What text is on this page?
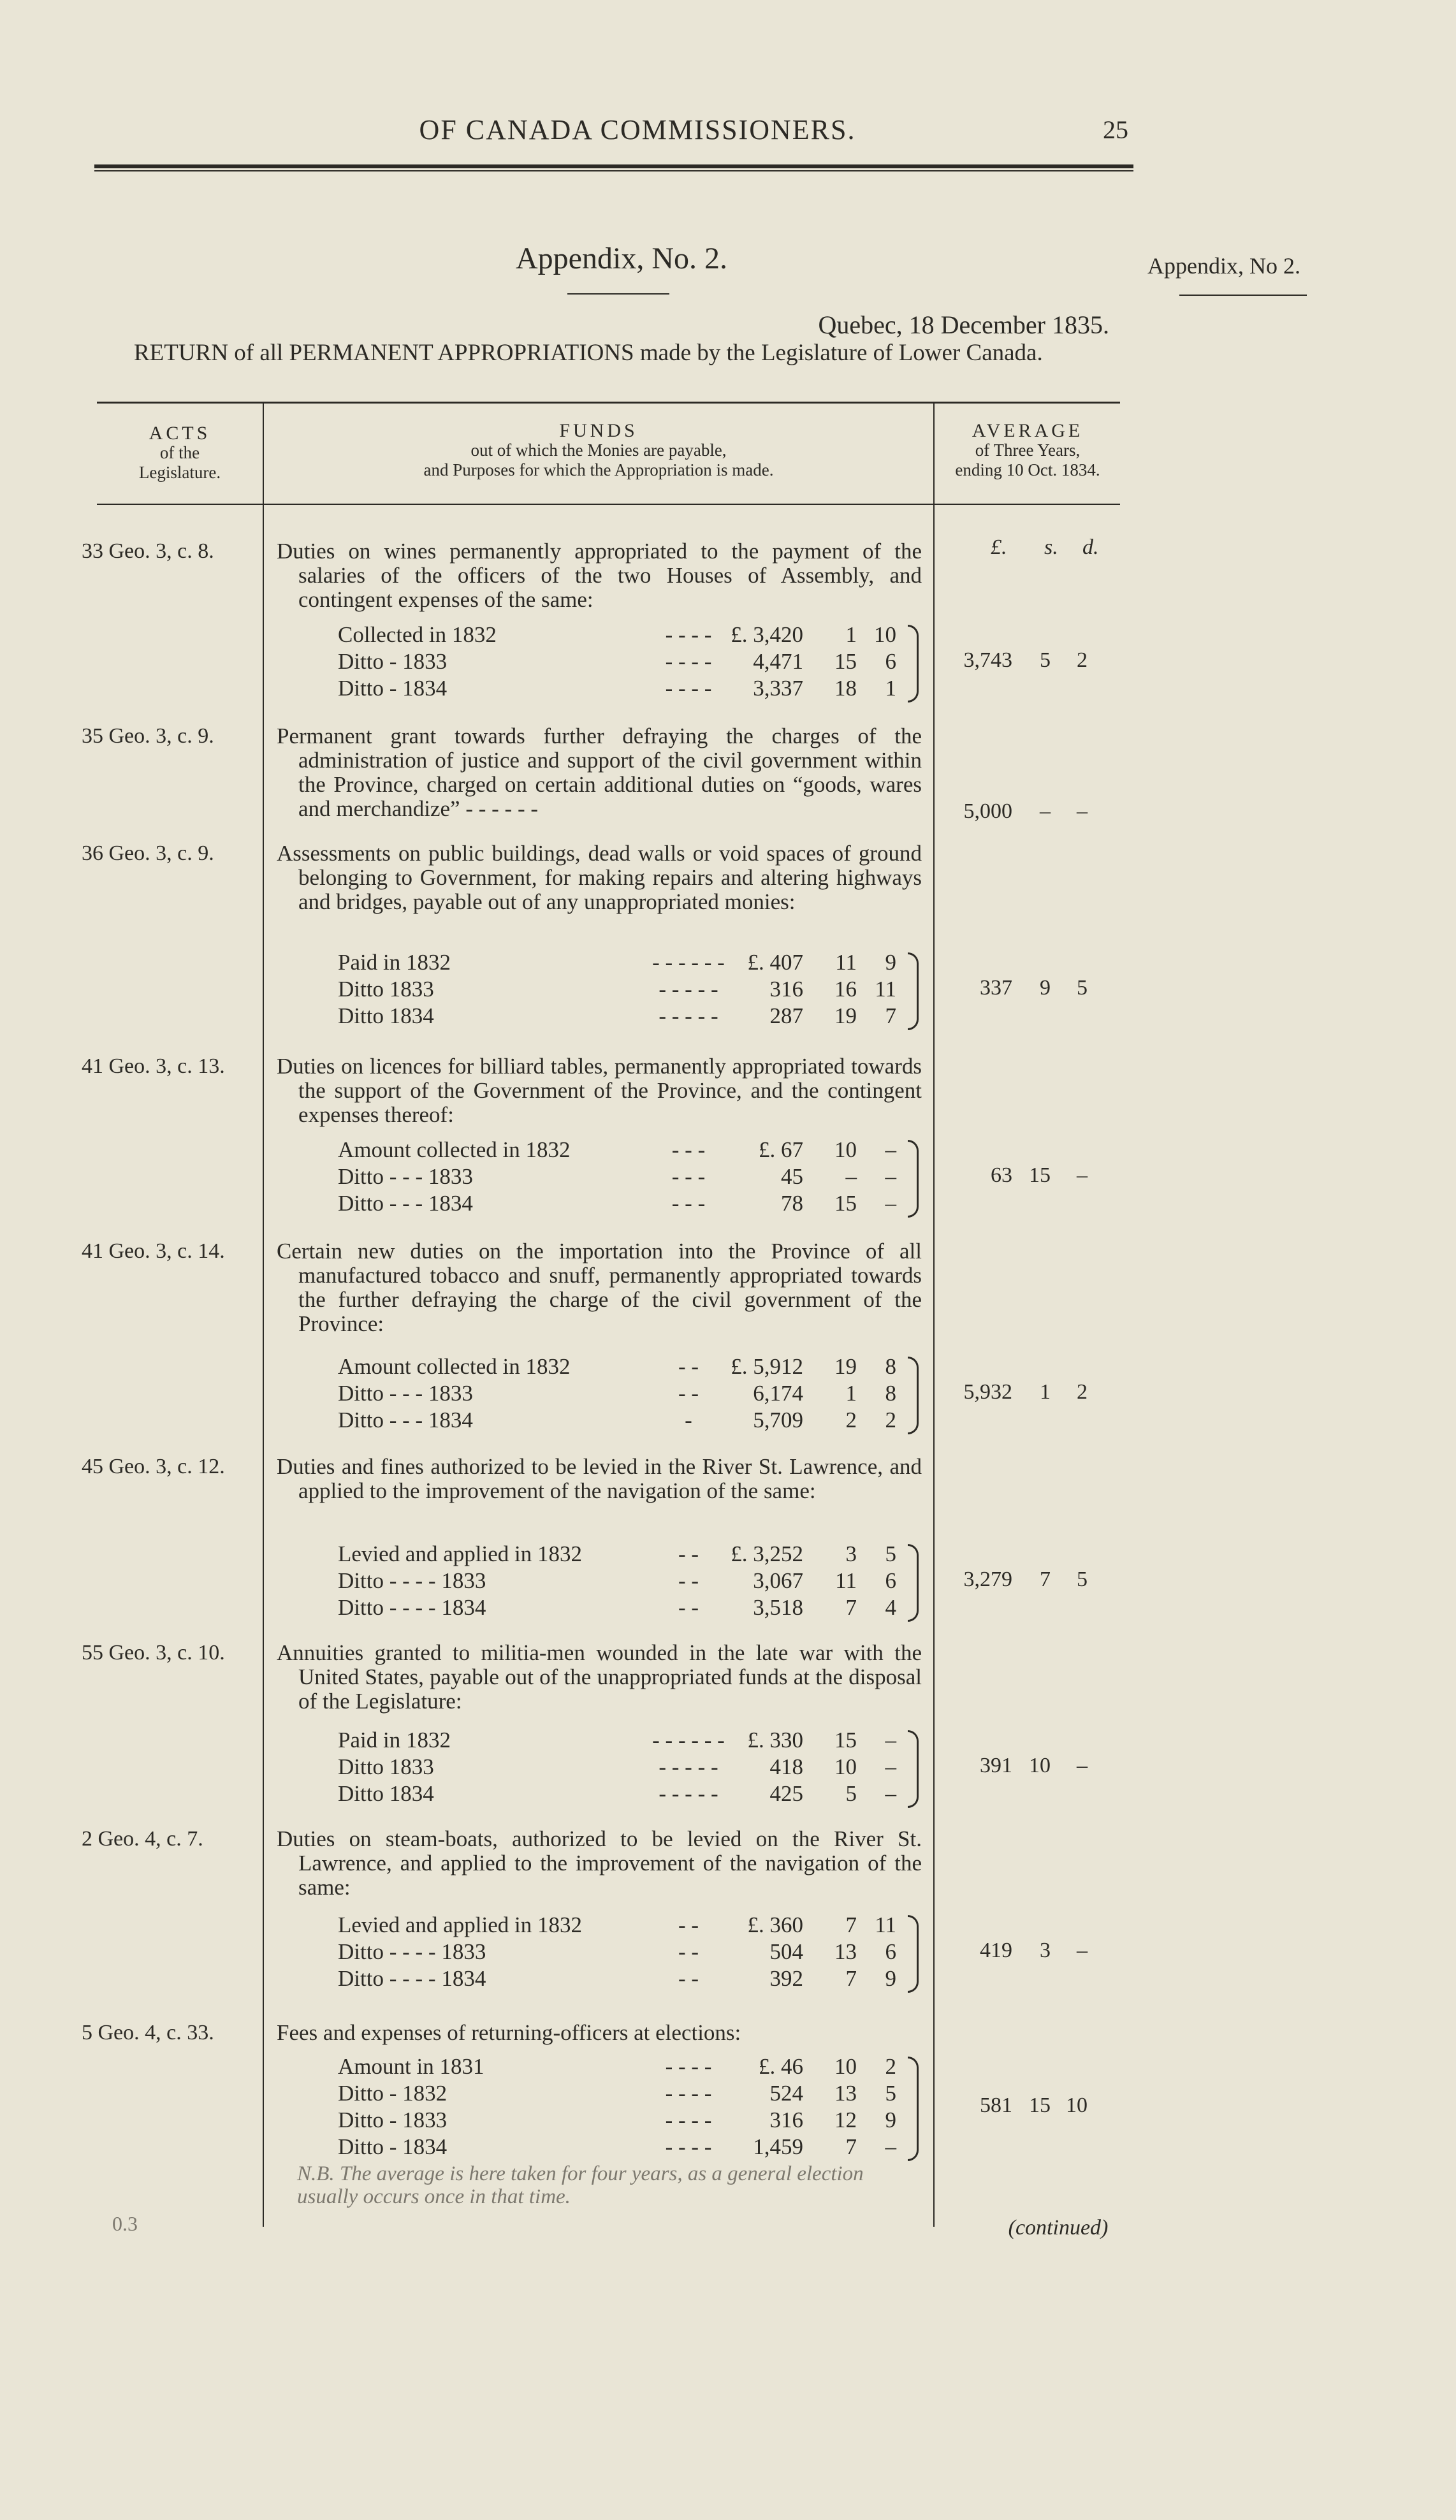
OF CANADA COMMISSIONERS.	25
Appendix, No. 2.	Appendix, No 2.
Quebec, 18 December 1835.
RETURN of all PERMANENT APPROPRIATIONS made by the Legislature of Lower Canada.
ACTS
of the
Legislature.
FUNDS
out of which the Monies are payable,
and Purposes for which the Appropriation is made.
AVERAGE
of Three Years,
ending 10 Oct. 1834.
£. s. d.
33 Geo. 3, c. 8.	Duties on wines permanently appropriated to the payment of the salaries of the officers of the two Houses of Assembly, and contingent expenses of the same:
Collected in 1832	- - - - £. 3,420 1 10
Ditto - 1833	- - - - 4,471 15 6
Ditto - 1834	- - - - 3,337 18 1
3,743 5 2
35 Geo. 3, c. 9.	Permanent grant towards further defraying the charges of the administration of justice and support of the civil government within the Province, charged on certain additional duties on “goods, wares and merchandize” - - - - - -	5,000 – –
36 Geo. 3, c. 9.	Assessments on public buildings, dead walls or void spaces of ground belonging to Government, for making repairs and altering highways and bridges, payable out of any unappropriated monies:
Paid in 1832	- - - - - - £. 407 11 9
Ditto 1833	- - - - - 316 16 11
Ditto 1834	- - - - - 287 19 7
337 9 5
41 Geo. 3, c. 13.	Duties on licences for billiard tables, permanently appropriated towards the support of the Government of the Province, and the contingent expenses thereof:
Amount collected in 1832	- - - £. 67 10 –
Ditto - - - 1833	- - -	45 – –
Ditto - - - 1834	- - -	78 15 –
63 15 –
41 Geo. 3, c. 14.	Certain new duties on the importation into the Province of all manufactured tobacco and snuff, permanently appropriated towards the further defraying the charge of the civil government of the Province:
Amount collected in 1832	- - £. 5,912 19 8
Ditto - - - 1833	- - 6,174 1 8
Ditto - - - 1834	-	5,709 2 2
5,932 1 2
45 Geo. 3, c. 12.	Duties and fines authorized to be levied in the River St. Lawrence, and applied to the improvement of the navigation of the same:
Levied and applied in 1832	- - £. 3,252 3 5
Ditto - - - - 1833	- - 3,067 11 6
Ditto - - - - 1834	- - 3,518 7 4
3,279 7 5
55 Geo. 3, c. 10.	Annuities granted to militia-men wounded in the late war with the United States, payable out of the unappropriated funds at the disposal of the Legislature:
Paid in 1832	- - - - - - £. 330 15 –
Ditto 1833	- - - - - 418 10 –
Ditto 1834	- - - - - 425 5 –
391 10 –
2 Geo. 4, c. 7.	Duties on steam-boats, authorized to be levied on the River St. Lawrence, and applied to the improvement of the navigation of the same:
Levied and applied in 1832	- - £. 360 7 11
Ditto - - - - 1833	- -	504 13 6
Ditto - - - - 1834	- -	392 7 9
419 3 –
5 Geo. 4, c. 33.	Fees and expenses of returning-officers at elections:
Amount in 1831	- - - - £. 46 10 2
Ditto - 1832	- - - -	524 13 5
Ditto - 1833	- - - -	316 12 9
Ditto - 1834	- - - - 1,459 7 –
581 15 10
N.B. The average is here taken for four years, as a general election usually occurs once in that time.
0.3	(continued)
